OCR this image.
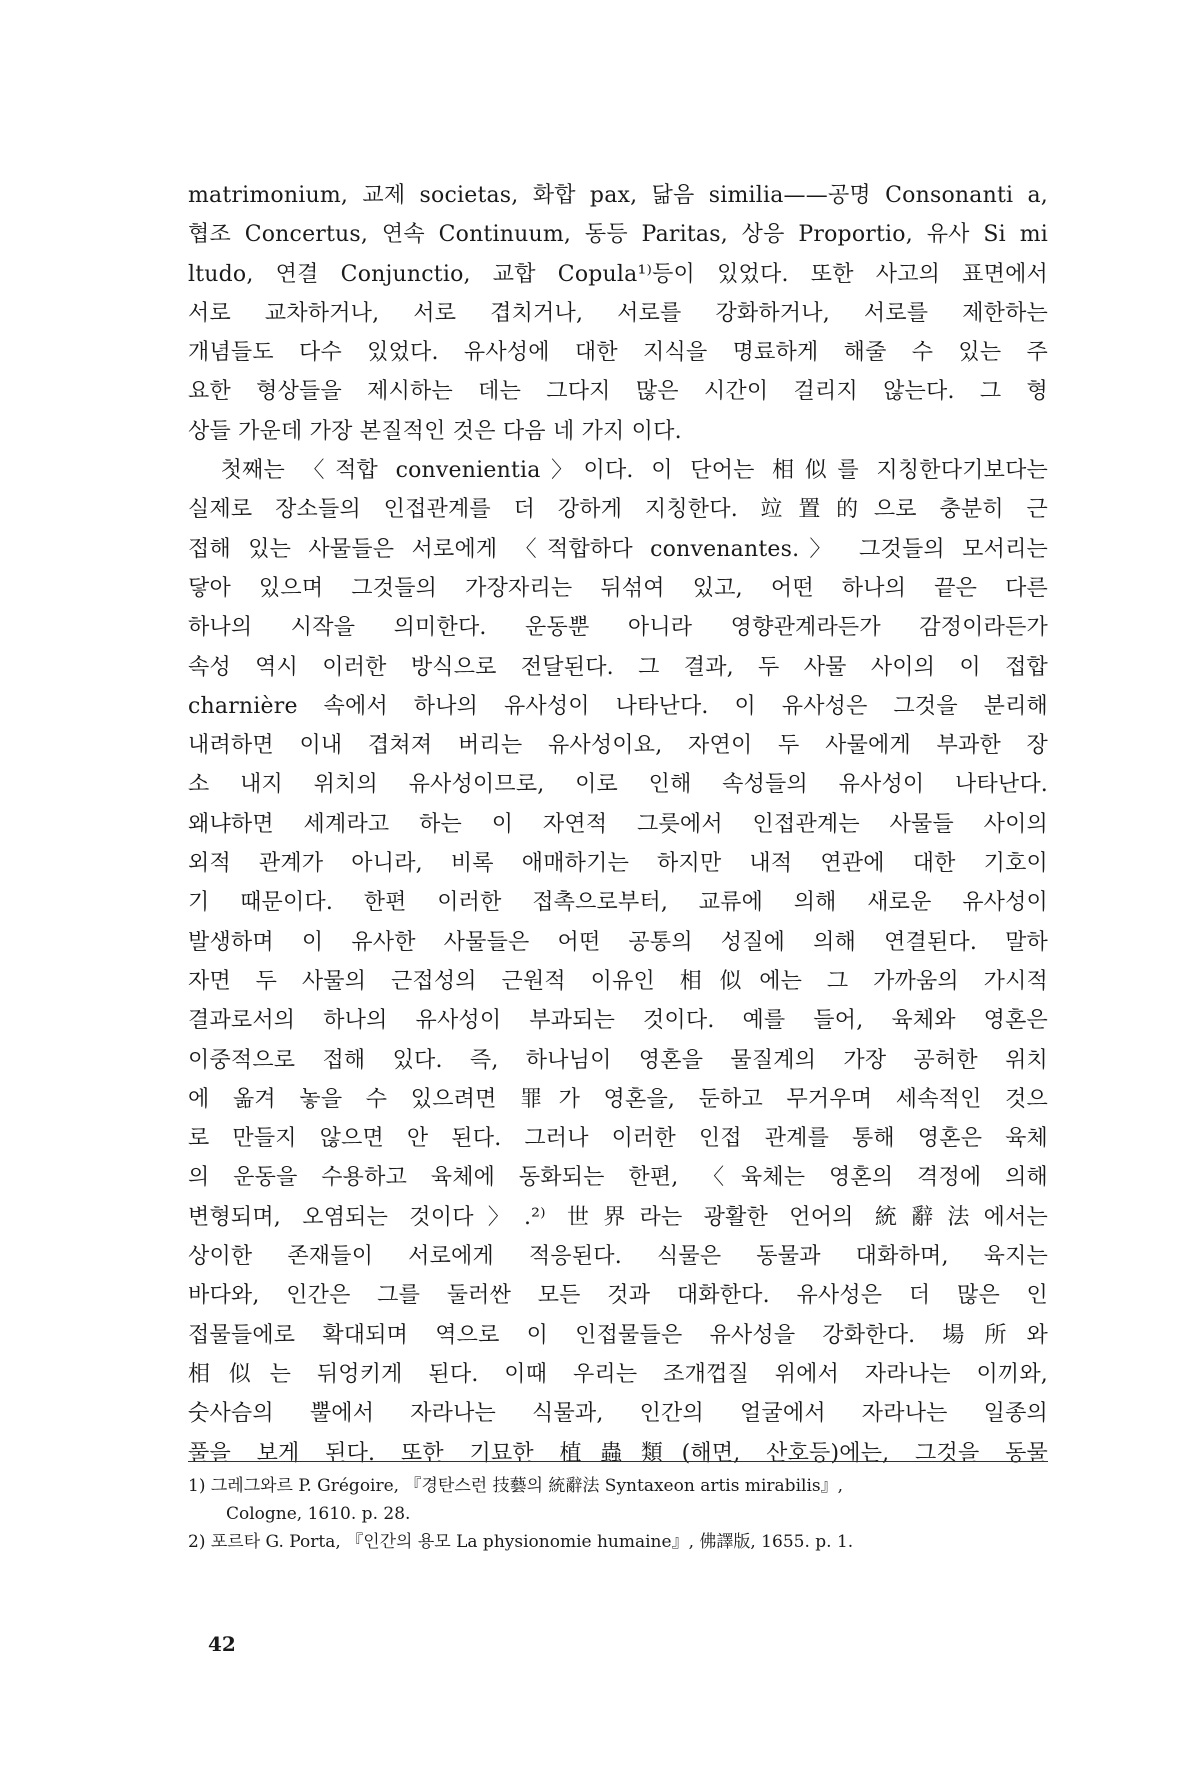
matrimonium, 교제 societas, 화합 pax, 닮음 similia——공명 Consonanti a,

협조 Concertus, 연속 Continuum, 동등 Paritas, 상응 Proportio, 유사 Si mi

ltudo, 연결 Conjunctio, 교합 Copula¹⁾등이 있었다. 또한 사고의 표면에서

서로 교차하거나, 서로 겹치거나, 서로를 강화하거나, 서로를 제한하는

개념들도 다수 있었다. 유사성에 대한 지식을 명료하게 해줄 수 있는 주

요한 형상들을 제시하는 데는 그다지 많은 시간이 걸리지 않는다. 그 형

상들 가운데 가장 본질적인 것은 다음 네 가지 이다.

　첫째는 〈적합 convenientia〉이다. 이 단어는 相似를 지칭한다기보다는

실제로 장소들의 인접관계를 더 강하게 지칭한다. 竝置的으로 충분히 근

접해 있는 사물들은 서로에게 〈적합하다 convenantes.〉 그것들의 모서리는

닿아 있으며 그것들의 가장자리는 뒤섞여 있고, 어떤 하나의 끝은 다른

하나의 시작을 의미한다. 운동뿐 아니라 영향관계라든가 감정이라든가

속성 역시 이러한 방식으로 전달된다. 그 결과, 두 사물 사이의 이 접합

charnière 속에서 하나의 유사성이 나타난다. 이 유사성은 그것을 분리해

내려하면 이내 겹쳐져 버리는 유사성이요, 자연이 두 사물에게 부과한 장

소 내지 위치의 유사성이므로, 이로 인해 속성들의 유사성이 나타난다.

왜냐하면 세계라고 하는 이 자연적 그릇에서 인접관계는 사물들 사이의

외적 관계가 아니라, 비록 애매하기는 하지만 내적 연관에 대한 기호이

기 때문이다. 한편 이러한 접촉으로부터, 교류에 의해 새로운 유사성이

발생하며 이 유사한 사물들은 어떤 공통의 성질에 의해 연결된다. 말하

자면 두 사물의 근접성의 근원적 이유인 相似에는 그 가까움의 가시적

결과로서의 하나의 유사성이 부과되는 것이다. 예를 들어, 육체와 영혼은

이중적으로 접해 있다. 즉, 하나님이 영혼을 물질계의 가장 공허한 위치

에 옮겨 놓을 수 있으려면 罪가 영혼을, 둔하고 무거우며 세속적인 것으

로 만들지 않으면 안 된다. 그러나 이러한 인접 관계를 통해 영혼은 육체

의 운동을 수용하고 육체에 동화되는 한편, 〈육체는 영혼의 격정에 의해

변형되며, 오염되는 것이다〉.²⁾ 世界라는 광활한 언어의 統辭法에서는

상이한 존재들이 서로에게 적응된다. 식물은 동물과 대화하며, 육지는

바다와, 인간은 그를 둘러싼 모든 것과 대화한다. 유사성은 더 많은 인

접물들에로 확대되며 역으로 이 인접물들은 유사성을 강화한다. 場所와

相似는 뒤엉키게 된다. 이때 우리는 조개껍질 위에서 자라나는 이끼와,

숫사슴의 뿔에서 자라나는 식물과, 인간의 얼굴에서 자라나는 일종의

풀을 보게 된다. 또한 기묘한 植蟲類(해면, 산호등)에는, 그것을 동물

1) 그레그와르 P. Grégoire, 『경탄스런 技藝의 統辭法 Syntaxeon artis mirabilis』,

Cologne, 1610. p. 28.

2) 포르타 G. Porta, 『인간의 용모 La physionomie humaine』, 佛譯版, 1655. p. 1.

42
